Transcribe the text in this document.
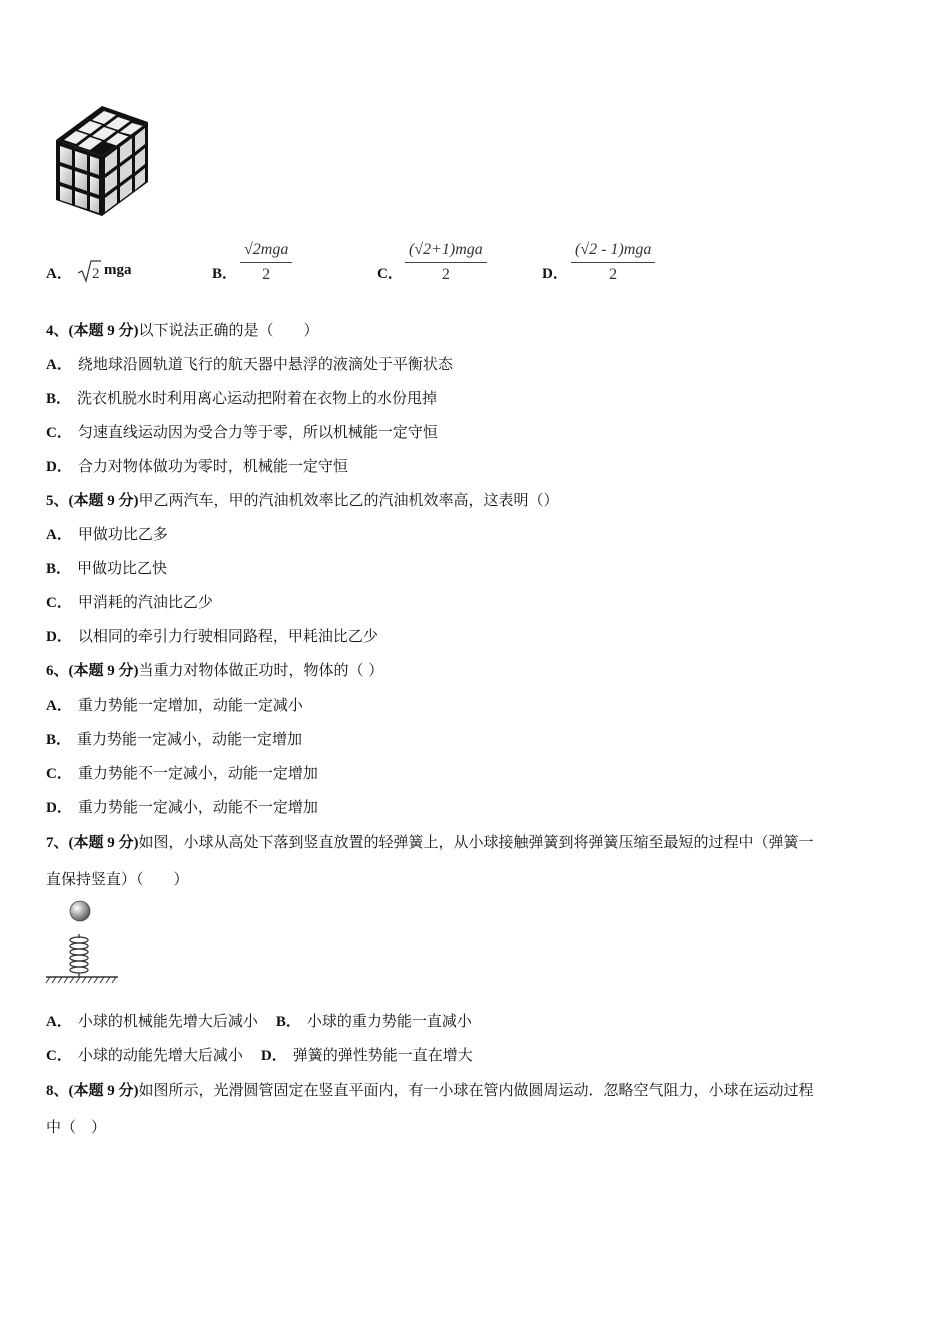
A． 2 mga	B．
√2mga
2	C．
(√2+1)mga
2	D．
(√2 - 1)mga
2
4、(本题 9 分)以下说法正确的是（　　）
A． 绕地球沿圆轨道飞行的航天器中悬浮的液滴处于平衡状态
B． 洗衣机脱水时利用离心运动把附着在衣物上的水份甩掉
C． 匀速直线运动因为受合力等于零，所以机械能一定守恒
D． 合力对物体做功为零时，机械能一定守恒
5、(本题 9 分)甲乙两汽车，甲的汽油机效率比乙的汽油机效率高，这表明（）
A． 甲做功比乙多
B． 甲做功比乙快
C． 甲消耗的汽油比乙少
D． 以相同的牵引力行驶相同路程，甲耗油比乙少
6、(本题 9 分)当重力对物体做正功时，物体的（ ）
A． 重力势能一定增加，动能一定减小
B． 重力势能一定减小，动能一定增加
C． 重力势能不一定减小，动能一定增加
D． 重力势能一定减小，动能不一定增加
7、(本题 9 分)如图，小球从高处下落到竖直放置的轻弹簧上，从小球接触弹簧到将弹簧压缩至最短的过程中（弹簧一
直保持竖直）（　　）
A． 小球的机械能先增大后减小 B． 小球的重力势能一直减小
C． 小球的动能先增大后减小 D． 弹簧的弹性势能一直在增大
8、(本题 9 分)如图所示，光滑圆管固定在竖直平面内，有一小球在管内做圆周运动．忽略空气阻力，小球在运动过程
中（　）
